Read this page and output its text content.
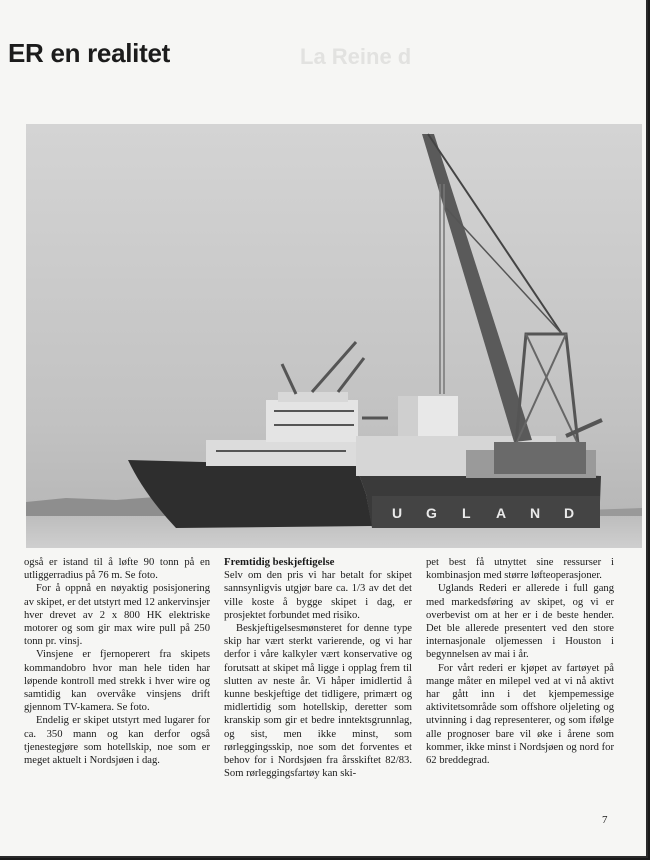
La Reine d
ER en realitet
U G L A N D

også er istand til å løfte 90 tonn på en utliggerradius på 76 m. Se foto.

For å oppnå en nøyaktig posisjonering av skipet, er det utstyrt med 12 ankervinsjer hver drevet av 2 x 800 HK elektriske motorer og som gir max wire pull på 250 tonn pr. vinsj.

Vinsjene er fjernoperert fra skipets kommandobro hvor man hele tiden har løpende kontroll med strekk i hver wire og samtidig kan overvåke vinsjens drift gjennom TV-kamera. Se foto.

Endelig er skipet utstyrt med lugarer for ca. 350 mann og kan derfor også tjenestegjøre som hotellskip, noe som er meget aktuelt i Nordsjøen i dag.

Fremtidig beskjeftigelse

Selv om den pris vi har betalt for skipet sannsynligvis utgjør bare ca. 1/3 av det det ville koste å bygge skipet i dag, er prosjektet forbundet med risiko.

Beskjeftigelsesmønsteret for denne type skip har vært sterkt varierende, og vi har derfor i våre kalkyler vært konservative og forutsatt at skipet må ligge i opplag frem til slutten av neste år. Vi håper imidlertid å kunne beskjeftige det tidligere, primært og midlertidig som hotellskip, deretter som kranskip som gir et bedre inntektsgrunnlag, og sist, men ikke minst, som rørleggingsskip, noe som det forventes et behov for i Nordsjøen fra årsskiftet 82/83. Som rørleggingsfartøy kan ski-

pet best få utnyttet sine ressurser i kombinasjon med større løfteoperasjoner.

Uglands Rederi er allerede i full gang med markedsføring av skipet, og vi er overbevist om at her er i de beste hender. Det ble allerede presentert ved den store internasjonale oljemessen i Houston i begynnelsen av mai i år.

For vårt rederi er kjøpet av fartøyet på mange måter en milepel ved at vi nå aktivt har gått inn i det kjempemessige aktivitetsområde som offshore oljeleting og utvinning i dag representerer, og som ifølge alle prognoser bare vil øke i årene som kommer, ikke minst i Nordsjøen og nord for 62 breddegrad.

7
